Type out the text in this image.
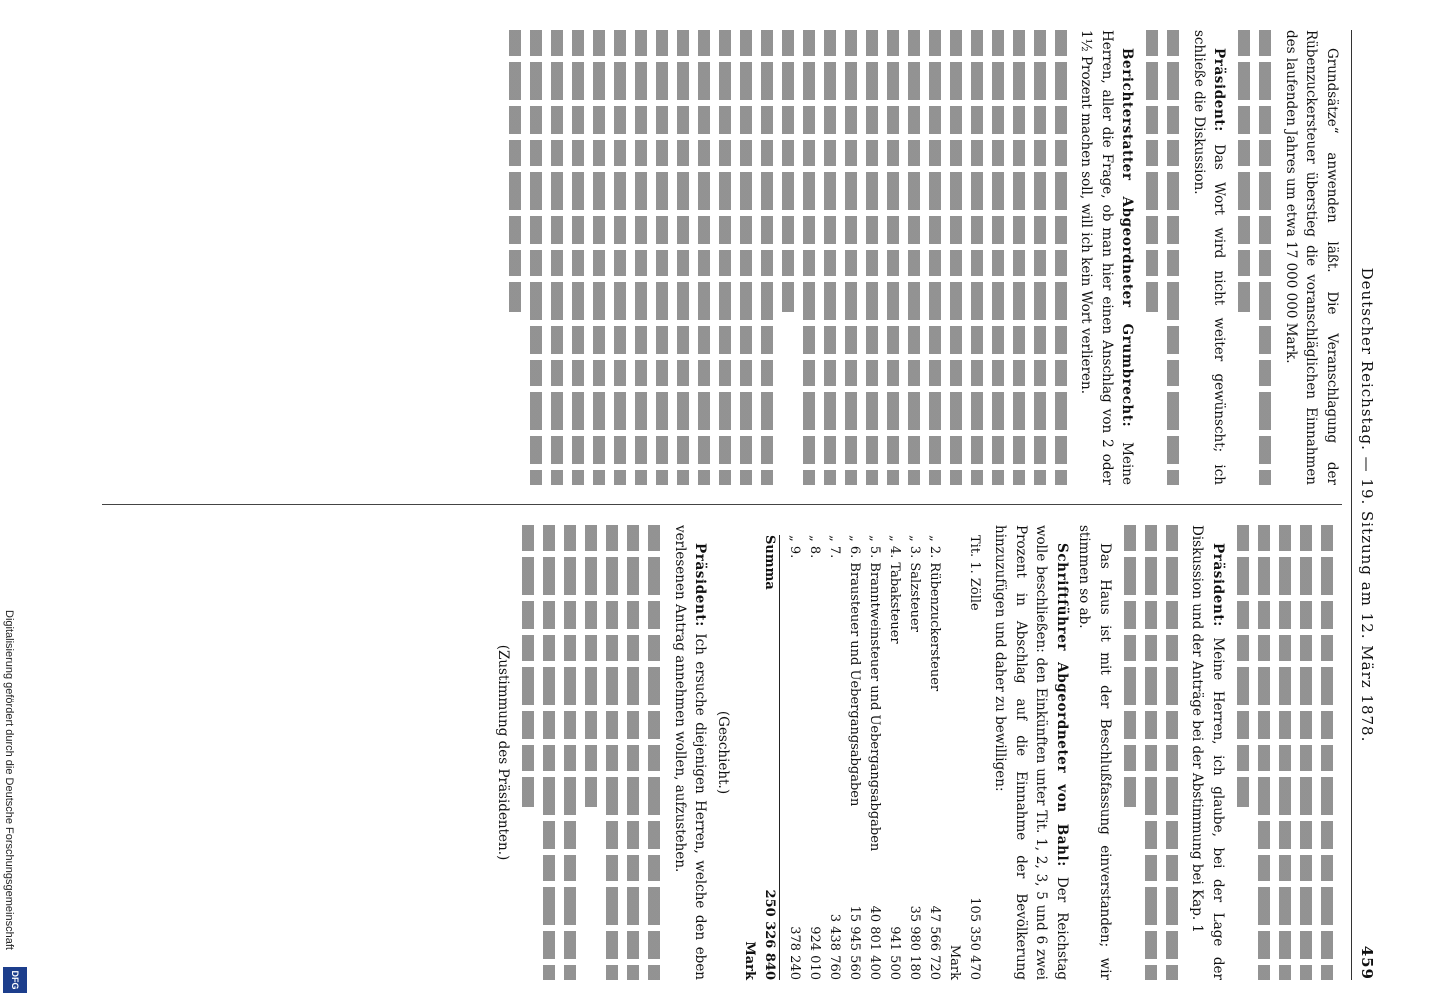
Digitalisierung gefördert durch die Deutsche Forschungsgemeinschaft
DFG
Deutscher Reichstag. — 19. Sitzung am 12. März 1878.
459

Grundsätze“ anwenden läßt. Die Veranschlagung der Rübenzuckersteuer überstieg die voranschläglichen Einnahmen des laufenden Jahres um etwa 17 000 000 Mark.

Präsident: Das Wort wird nicht weiter gewünscht; ich schließe die Diskussion.

Berichterstatter Abgeordneter Grumbrecht: Meine Herren, aller die Frage, ob man hier einen Anschlag von 2 oder 1½ Prozent machen soll, will ich kein Wort verlieren.

Präsident: Meine Herren, ich glaube, bei der Lage der Diskussion und der Anträge bei der Abstimmung bei Kap. 1

Das Haus ist mit der Beschlußfassung einverstanden; wir stimmen so ab.

Schriftführer Abgeordneter von Bahl: Der Reichstag wolle beschließen: den Einkünften unter Tit. 1, 2, 3, 5 und 6 zwei Prozent in Abschlag auf die Einnahme der Bevölkerung hinzuzufügen und daher zu bewilligen:

Tit. 1. Zölle
105 350 470 Mark
„ 2. Rübenzuckersteuer
47 566 720
„ 3. Salzsteuer
35 980 180
„ 4. Tabaksteuer
941 500
„ 5. Branntweinsteuer und Uebergangsabgaben
40 801 400
„ 6. Brausteuer und Uebergangsabgaben
15 945 560
„ 7.
3 438 760
„ 8.
924 010
„ 9.
378 240
Summa
250 326 840 Mark

(Geschieht.)

Präsident: Ich ersuche diejenigen Herren, welche den eben verlesenen Antrag annehmen wollen, aufzustehen.

(Zustimmung des Präsidenten.)
